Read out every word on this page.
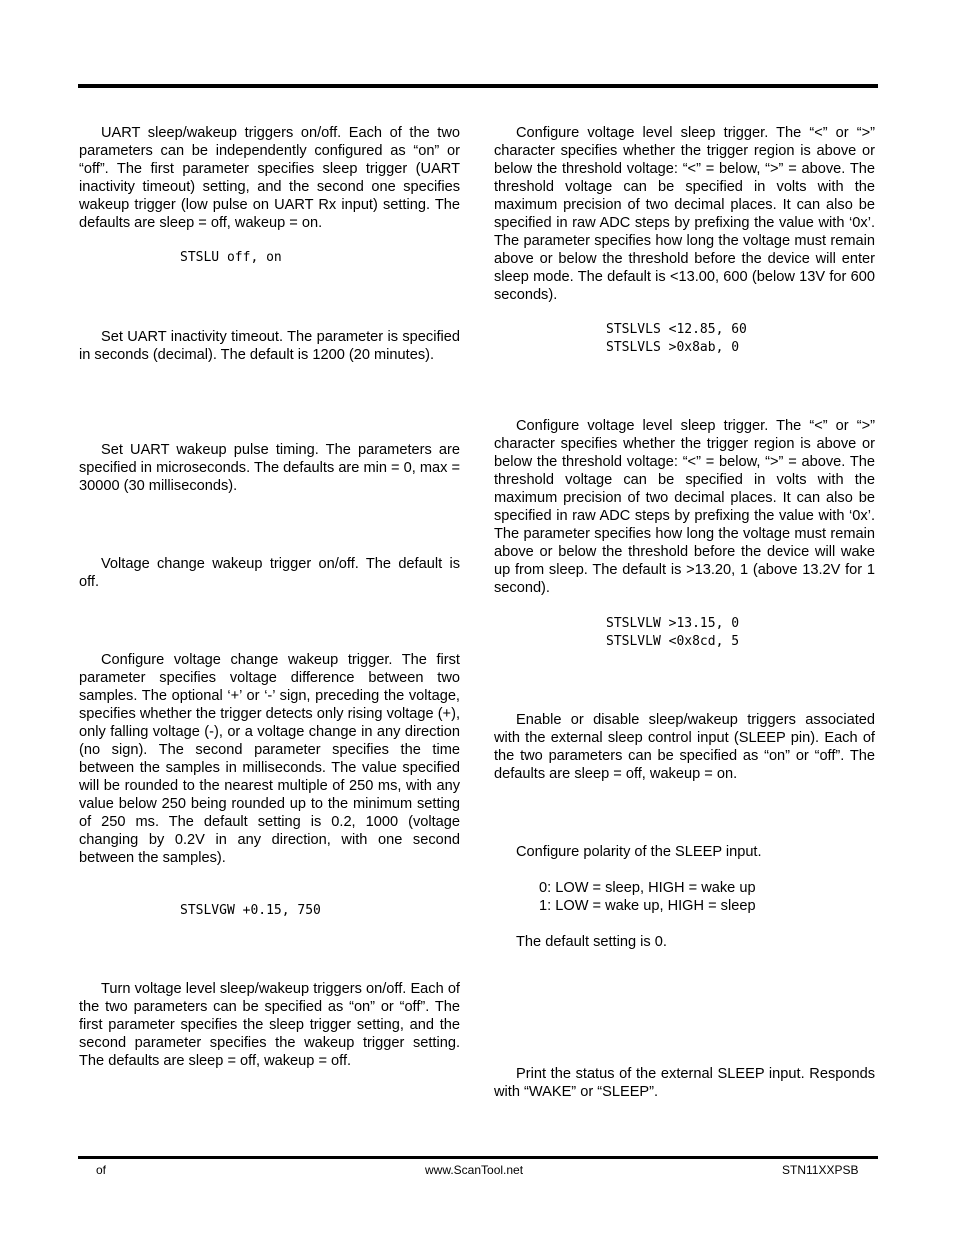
UART sleep/wakeup triggers on/off. Each of the two parameters can be independently configured as “on” or “off”. The first parameter specifies sleep trigger (UART inactivity timeout) setting, and the second one specifies wakeup trigger (low pulse on UART Rx input) setting. The defaults are sleep = off, wakeup = on.

STSLU off, on

Set UART inactivity timeout. The parameter is specified in seconds (decimal). The default is 1200 (20 minutes).

Set UART wakeup pulse timing. The parameters are specified in microseconds. The defaults are min = 0, max = 30000 (30 milliseconds).

Voltage change wakeup trigger on/off. The default is off.

Configure voltage change wakeup trigger. The first parameter specifies voltage difference between two samples. The optional ‘+’ or ‘-’ sign, preceding the voltage, specifies whether the trigger detects only rising voltage (+), only falling voltage (-), or a voltage change in any direction (no sign). The second parameter specifies the time between the samples in milliseconds. The value specified will be rounded to the nearest multiple of 250 ms, with any value below 250 being rounded up to the minimum setting of 250 ms. The default setting is 0.2, 1000 (voltage changing by 0.2V in any direction, with one second between the samples).

STSLVGW +0.15, 750

Turn voltage level sleep/wakeup triggers on/off. Each of the two parameters can be specified as “on” or “off”. The first parameter specifies the sleep trigger setting, and the second parameter specifies the wakeup trigger setting. The defaults are sleep = off, wakeup = off.

Configure voltage level sleep trigger. The “<” or “>” character specifies whether the trigger region is above or below the threshold voltage: “<” = below, “>” = above. The threshold voltage can be specified in volts with the maximum precision of two decimal places. It can also be specified in raw ADC steps by prefixing the value with ‘0x’. The parameter specifies how long the voltage must remain above or below the threshold before the device will enter sleep mode. The default is <13.00, 600 (below 13V for 600 seconds).

STSLVLS <12.85, 60
STSLVLS >0x8ab, 0

Configure voltage level sleep trigger. The “<” or “>” character specifies whether the trigger region is above or below the threshold voltage: “<” = below, “>” = above. The threshold voltage can be specified in volts with the maximum precision of two decimal places. It can also be specified in raw ADC steps by prefixing the value with ‘0x’. The parameter specifies how long the voltage must remain above or below the threshold before the device will wake up from sleep. The default is >13.20, 1 (above 13.2V for 1 second).

STSLVLW >13.15, 0
STSLVLW <0x8cd, 5

Enable or disable sleep/wakeup triggers associated with the external sleep control input (SLEEP pin). Each of the two parameters can be specified as “on” or “off”. The defaults are sleep = off, wakeup = on.

Configure polarity of the SLEEP input.
0: LOW = sleep, HIGH = wake up
1: LOW = wake up, HIGH = sleep
The default setting is 0.

Print the status of the external SLEEP input. Responds with “WAKE” or “SLEEP”.

of	www.ScanTool.net	STN11XXPSB
